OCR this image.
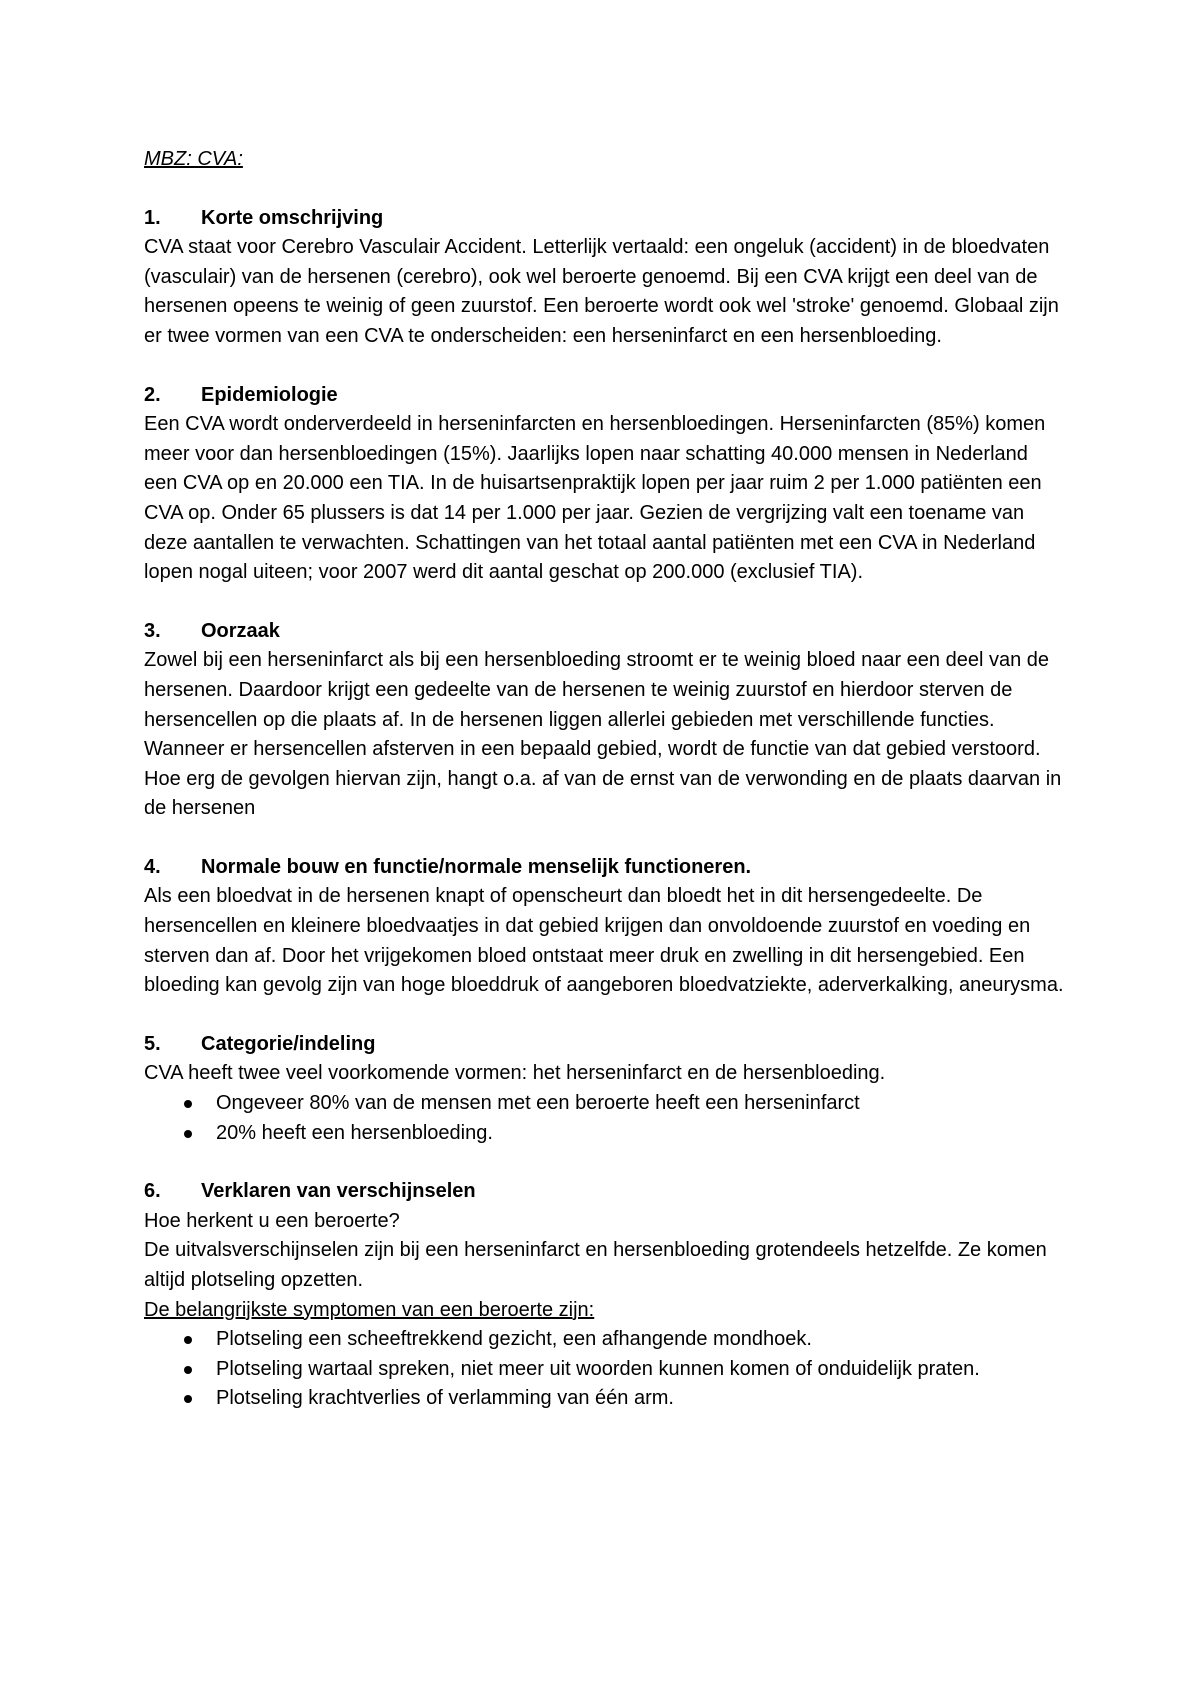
MBZ: CVA:

1.	Korte omschrijving

CVA staat voor Cerebro Vasculair Accident. Letterlijk vertaald: een ongeluk (accident) in de bloedvaten (vasculair) van de hersenen (cerebro), ook wel beroerte genoemd. Bij een CVA krijgt een deel van de hersenen opeens te weinig of geen zuurstof. Een beroerte wordt ook wel 'stroke' genoemd. Globaal zijn er twee vormen van een CVA te onderscheiden: een herseninfarct en een hersenbloeding.

2.	Epidemiologie

Een CVA wordt onderverdeeld in herseninfarcten en hersenbloedingen. Herseninfarcten (85%) komen meer voor dan hersenbloedingen (15%). Jaarlijks lopen naar schatting 40.000 mensen in Nederland een CVA op en 20.000 een TIA. In de huisartsenpraktijk lopen per jaar ruim 2 per 1.000 patiënten een CVA op. Onder 65 plussers is dat 14 per 1.000 per jaar. Gezien de vergrijzing valt een toename van deze aantallen te verwachten. Schattingen van het totaal aantal patiënten met een CVA in Nederland lopen nogal uiteen; voor 2007 werd dit aantal geschat op 200.000 (exclusief TIA).

3.	Oorzaak

Zowel bij een herseninfarct als bij een hersenbloeding stroomt er te weinig bloed naar een deel van de hersenen. Daardoor krijgt een gedeelte van de hersenen te weinig zuurstof en hierdoor sterven de hersencellen op die plaats af. In de hersenen liggen allerlei gebieden met verschillende functies. Wanneer er hersencellen afsterven in een bepaald gebied, wordt de functie van dat gebied verstoord. Hoe erg de gevolgen hiervan zijn, hangt o.a. af van de ernst van de verwonding en de plaats daarvan in de hersenen

4.	Normale bouw en functie/normale menselijk functioneren.

Als een bloedvat in de hersenen knapt of openscheurt dan bloedt het in dit hersengedeelte. De hersencellen en kleinere bloedvaatjes in dat gebied krijgen dan onvoldoende zuurstof en voeding en sterven dan af. Door het vrijgekomen bloed ontstaat meer druk en zwelling in dit hersengebied. Een bloeding kan gevolg zijn van hoge bloeddruk of aangeboren bloedvatziekte, aderverkalking, aneurysma.

5.	Categorie/indeling

CVA heeft twee veel voorkomende vormen: het herseninfarct en de hersenbloeding.

Ongeveer 80% van de mensen met een beroerte heeft een herseninfarct
20% heeft een hersenbloeding.
6.	Verklaren van verschijnselen

Hoe herkent u een beroerte?

De uitvalsverschijnselen zijn bij een herseninfarct en hersenbloeding grotendeels hetzelfde. Ze komen altijd plotseling opzetten.

De belangrijkste symptomen van een beroerte zijn:

Plotseling een scheeftrekkend gezicht, een afhangende mondhoek.
Plotseling wartaal spreken, niet meer uit woorden kunnen komen of onduidelijk praten.
Plotseling krachtverlies of verlamming van één arm.
